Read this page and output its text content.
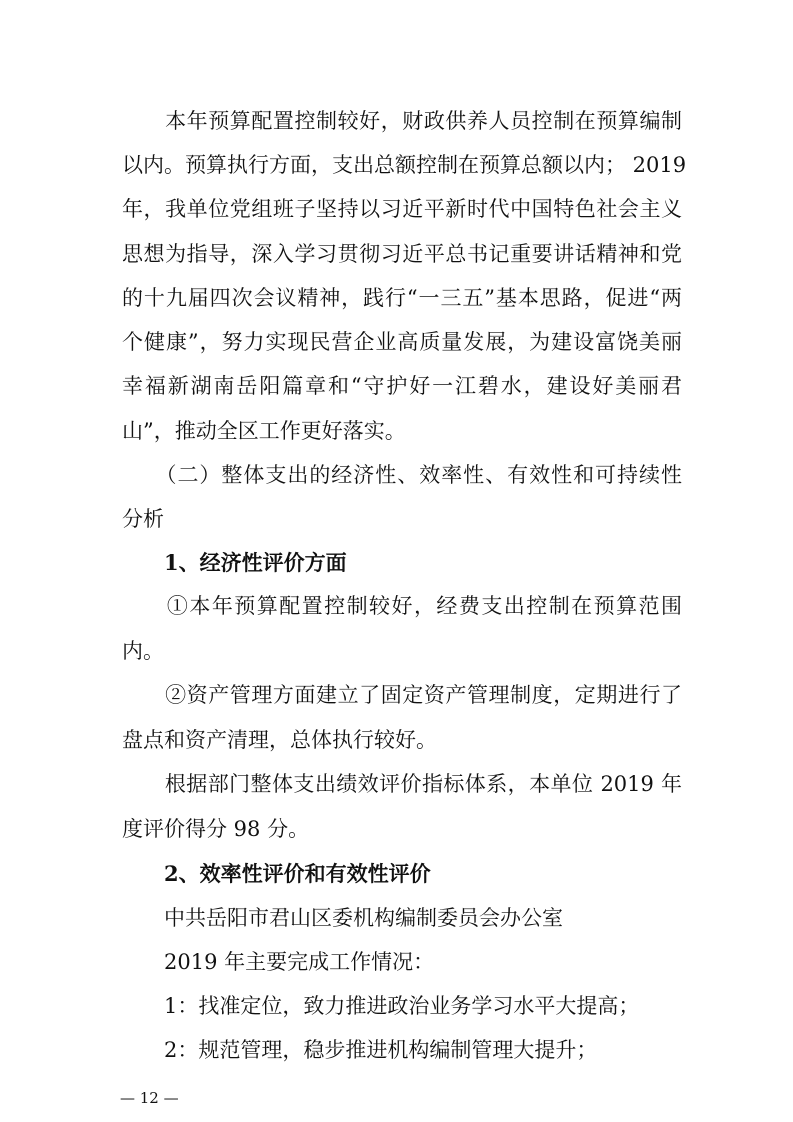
　　本年预算配置控制较好，财政供养人员控制在预算编制
以内。预算执行方面，支出总额控制在预算总额以内； 2019
年，我单位党组班子坚持以习近平新时代中国特色社会主义
思想为指导，深入学习贯彻习近平总书记重要讲话精神和党
的十九届四次会议精神，践行“一三五”基本思路，促进“两
个健康”，努力实现民营企业高质量发展，为建设富饶美丽
幸福新湖南岳阳篇章和“守护好一江碧水，建设好美丽君
山”，推动全区工作更好落实。
　　（二）整体支出的经济性、效率性、有效性和可持续性
分析
1、经济性评价方面
　　①本年预算配置控制较好，经费支出控制在预算范围
内。
　　②资产管理方面建立了固定资产管理制度，定期进行了
盘点和资产清理，总体执行较好。
　　根据部门整体支出绩效评价指标体系，本单位 2019 年
度评价得分 98 分。
2、效率性评价和有效性评价
中共岳阳市君山区委机构编制委员会办公室
2019 年主要完成工作情况：
1：找准定位，致力推进政治业务学习水平大提高；
2：规范管理，稳步推进机构编制管理大提升；
— 12 —
